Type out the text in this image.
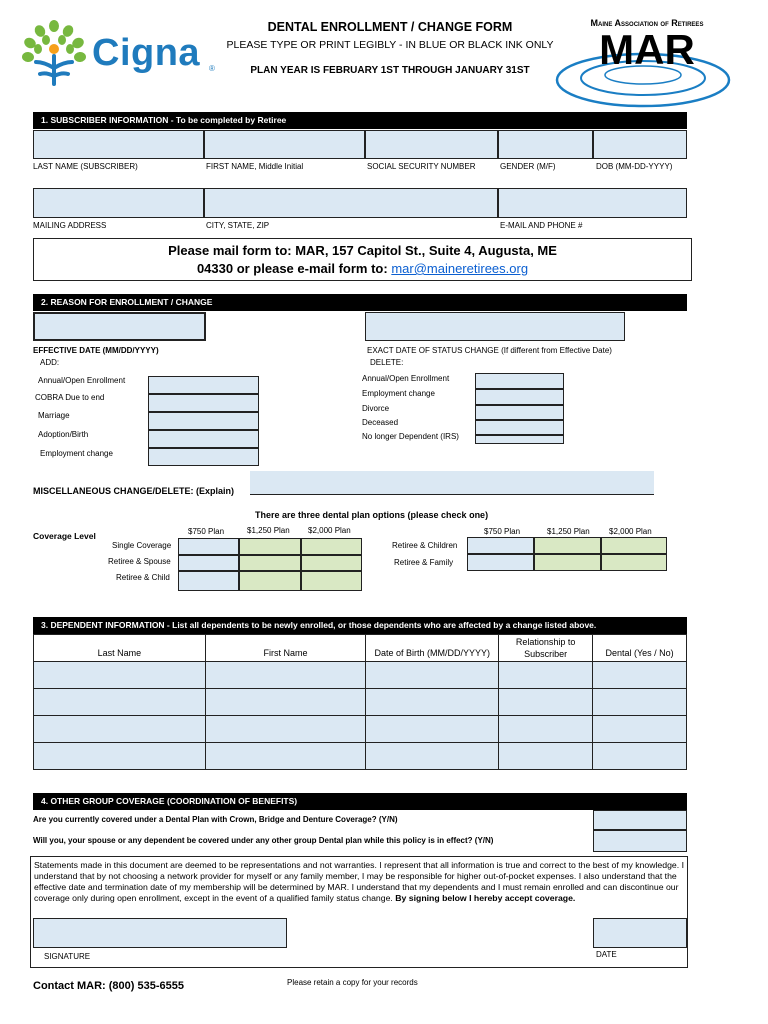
Cigna ®
DENTAL ENROLLMENT / CHANGE FORM
PLEASE TYPE OR PRINT LEGIBLY - IN BLUE OR BLACK INK ONLY
PLAN YEAR IS FEBRUARY 1ST THROUGH JANUARY 31ST
Maine Association of Retirees
MAR
1. SUBSCRIBER INFORMATION - To be completed by Retiree
LAST NAME (SUBSCRIBER)	FIRST NAME, Middle Initial	SOCIAL SECURITY NUMBER	GENDER (M/F)	DOB (MM-DD-YYYY)
MAILING ADDRESS	CITY, STATE, ZIP	E-MAIL AND PHONE #
Please mail form to: MAR, 157 Capitol St., Suite 4, Augusta, ME
04330 or please e-mail form to: mar@maineretirees.org
2. REASON FOR ENROLLMENT / CHANGE
EFFECTIVE DATE (MM/DD/YYYY)	EXACT DATE OF STATUS CHANGE (If different from Effective Date)
ADD:	DELETE:
Annual/Open Enrollment
COBRA Due to end
Marriage
Adoption/Birth
Employment change
Annual/Open Enrollment
Employment change
Divorce
Deceased
No longer Dependent (IRS)
MISCELLANEOUS CHANGE/DELETE: (Explain)
There are three dental plan options (please check one)
Coverage Level	$750 Plan	$1,250 Plan $2,000 Plan
Single Coverage
Retiree & Spouse
Retiree & Child
$750 Plan	$1,250 Plan $2,000 Plan
Retiree & Children
Retiree & Family
3. DEPENDENT INFORMATION - List all dependents to be newly enrolled, or those dependents who are affected by a change listed above.
Last Name	First Name	Date of Birth (MM/DD/YYYY)	Relationship to Subscriber	Dental (Yes / No)

4. OTHER GROUP COVERAGE (COORDINATION OF BENEFITS)
Are you currently covered under a Dental Plan with Crown, Bridge and Denture Coverage? (Y/N)
Will you, your spouse or any dependent be covered under any other group Dental plan while this policy is in effect? (Y/N)
Statements made in this document are deemed to be representations and not warranties. I represent that all information is true and correct to the best of my knowledge. I understand that by not choosing a network provider for myself or any family member, I may be responsible for higher out-of-pocket expenses. I also understand that the effective date and termination date of my membership will be determined by MAR. I understand that my dependents and I must remain enrolled and can discontinue our coverage only during open enrollment, except in the event of a qualified family status change. By signing below I hereby accept coverage.
SIGNATURE	DATE
Contact MAR: (800) 535-6555	Please retain a copy for your records
